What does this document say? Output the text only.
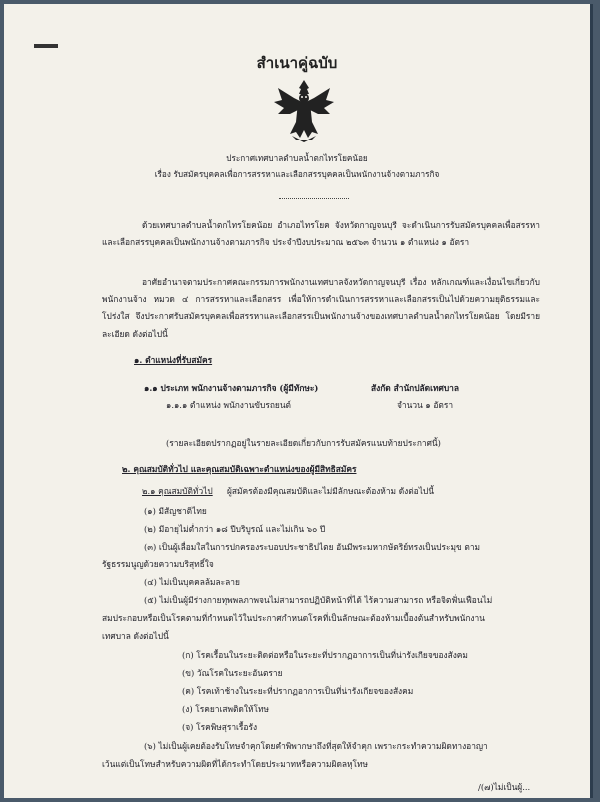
สำเนาคู่ฉบับ
ประกาศเทศบาลตำบลน้ำตกไทรโยคน้อย
เรื่อง รับสมัครบุคคลเพื่อการสรรหาและเลือกสรรบุคคลเป็นพนักงานจ้างตามภารกิจ
ด้วยเทศบาลตำบลน้ำตกไทรโยคน้อย อำเภอไทรโยค จังหวัดกาญจนบุรี จะดำเนินการรับสมัครบุคคลเพื่อสรรหาและเลือกสรรบุคคลเป็นพนักงานจ้างตามภารกิจ ประจำปีงบประมาณ ๒๕๖๓ จำนวน ๑ ตำแหน่ง ๑ อัตรา
อาศัยอำนาจตามประกาศคณะกรรมการพนักงานเทศบาลจังหวัดกาญจนบุรี เรื่อง หลักเกณฑ์และเงื่อนไขเกี่ยวกับพนักงานจ้าง หมวด ๔ การสรรหาและเลือกสรร เพื่อให้การดำเนินการสรรหาและเลือกสรรเป็นไปด้วยความยุติธรรมและโปร่งใส จึงประกาศรับสมัครบุคคลเพื่อสรรหาและเลือกสรรเป็นพนักงานจ้างของเทศบาลตำบลน้ำตกไทรโยคน้อย โดยมีรายละเอียด ดังต่อไปนี้
๑. ตำแหน่งที่รับสมัคร
๑.๑ ประเภท พนักงานจ้างตามภารกิจ (ผู้มีทักษะ)	สังกัด สำนักปลัดเทศบาล
๑.๑.๑ ตำแหน่ง พนักงานขับรถยนต์	จำนวน ๑ อัตรา
(รายละเอียดปรากฏอยู่ในรายละเอียดเกี่ยวกับการรับสมัครแนบท้ายประกาศนี้)
๒. คุณสมบัติทั่วไป และคุณสมบัติเฉพาะตำแหน่งของผู้มีสิทธิสมัคร
๒.๑ คุณสมบัติทั่วไป ผู้สมัครต้องมีคุณสมบัติและไม่มีลักษณะต้องห้าม ดังต่อไปนี้
(๑) มีสัญชาติไทย
(๒) มีอายุไม่ต่ำกว่า ๑๘ ปีบริบูรณ์ และไม่เกิน ๖๐ ปี
(๓) เป็นผู้เลื่อมใสในการปกครองระบอบประชาธิปไตย อันมีพระมหากษัตริย์ทรงเป็นประมุข ตาม
รัฐธรรมนูญด้วยความบริสุทธิ์ใจ
(๔) ไม่เป็นบุคคลล้มละลาย
(๕) ไม่เป็นผู้มีร่างกายทุพพลภาพจนไม่สามารถปฏิบัติหน้าที่ได้ ไร้ความสามารถ หรือจิตฟั่นเฟือนไม่
สมประกอบหรือเป็นโรคตามที่กำหนดไว้ในประกาศกำหนดโรคที่เป็นลักษณะต้องห้ามเบื้องต้นสำหรับพนักงาน
เทศบาล ดังต่อไปนี้
(ก) โรคเรื้อนในระยะติดต่อหรือในระยะที่ปรากฏอาการเป็นที่น่ารังเกียจของสังคม
(ข) วัณโรคในระยะอันตราย
(ค) โรคเท้าช้างในระยะที่ปรากฏอาการเป็นที่น่ารังเกียจของสังคม
(ง) โรคยาเสพติดให้โทษ
(จ) โรคพิษสุราเรื้อรัง
(๖) ไม่เป็นผู้เคยต้องรับโทษจำคุกโดยคำพิพากษาถึงที่สุดให้จำคุก เพราะกระทำความผิดทางอาญา
เว้นแต่เป็นโทษสำหรับความผิดที่ได้กระทำโดยประมาทหรือความผิดลหุโทษ
/(๗)ไม่เป็นผู้...
